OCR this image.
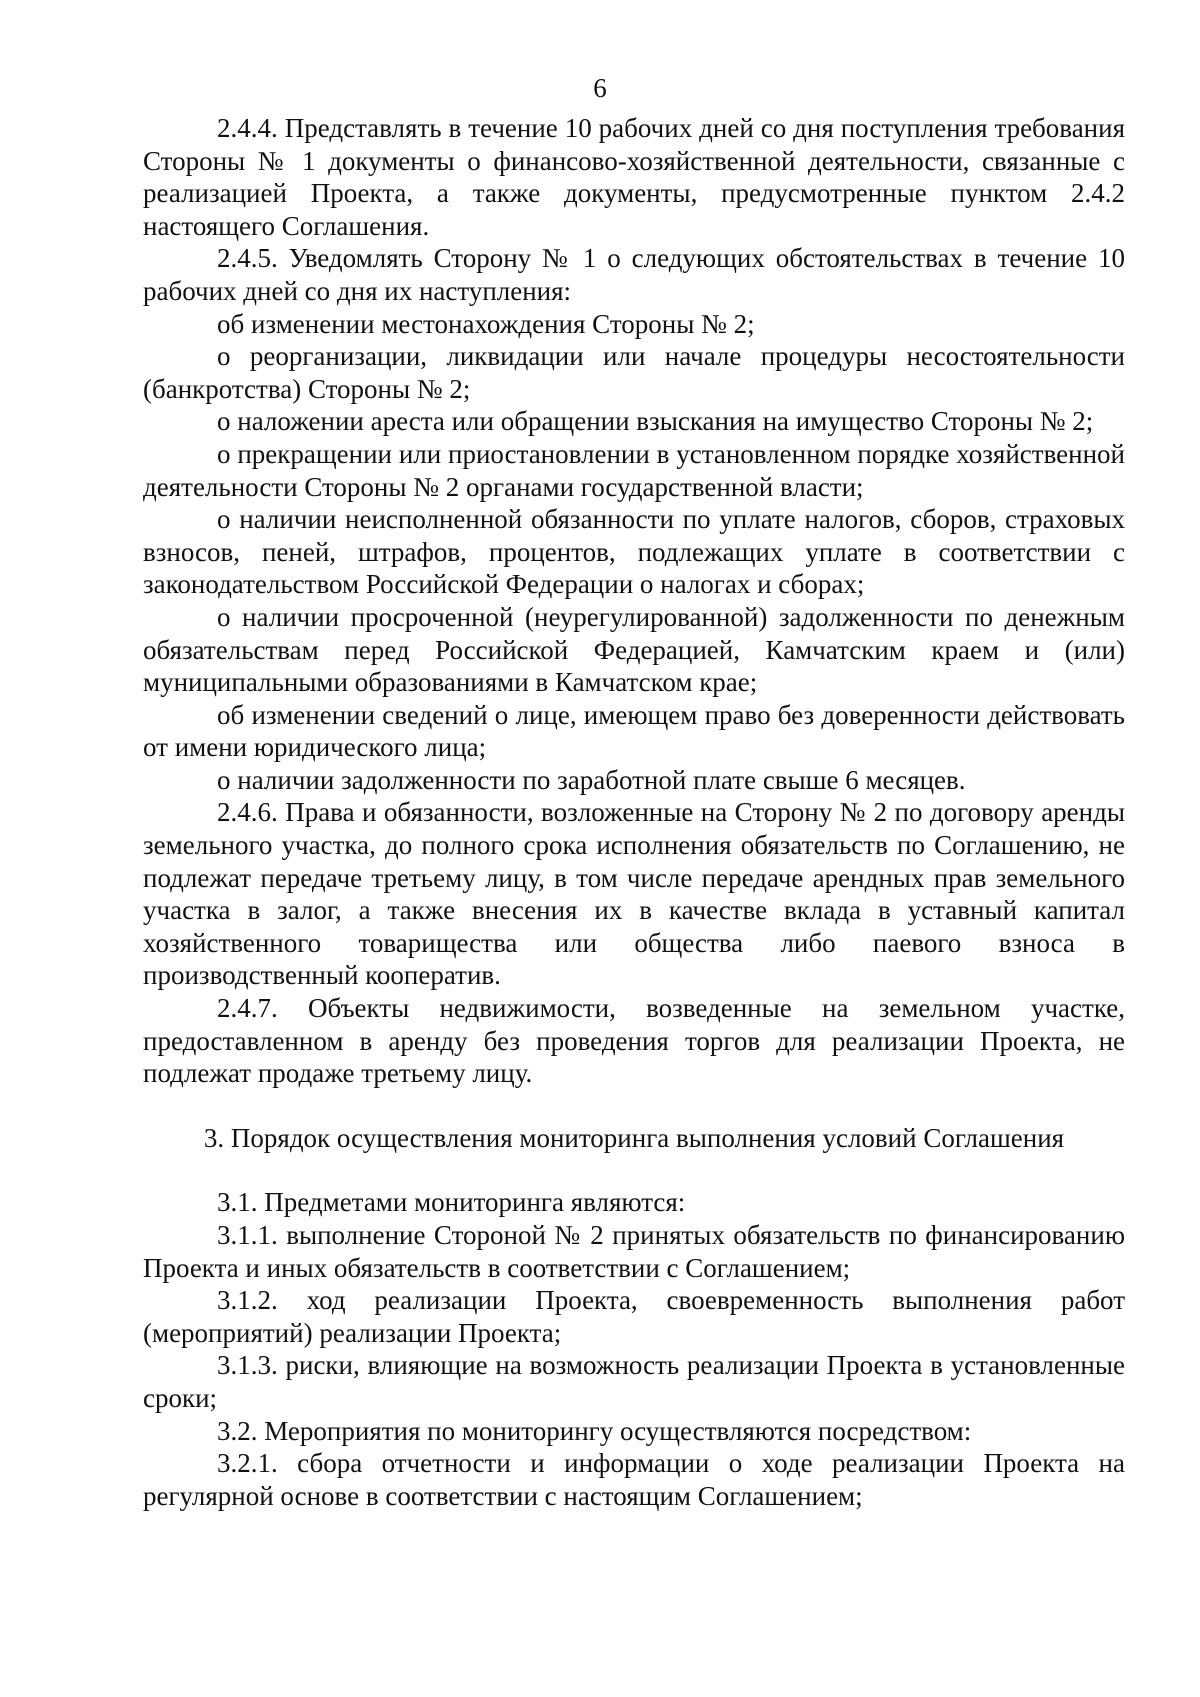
6

2.4.4. Представлять в течение 10 рабочих дней со дня поступления требования Стороны № 1 документы о финансово-хозяйственной деятельности, связанные с реализацией Проекта, а также документы, предусмотренные пунктом 2.4.2 настоящего Соглашения.

2.4.5. Уведомлять Сторону № 1 о следующих обстоятельствах в течение 10 рабочих дней со дня их наступления:

об изменении местонахождения Стороны № 2;

о реорганизации, ликвидации или начале процедуры несостоятельности (банкротства) Стороны № 2;

о наложении ареста или обращении взыскания на имущество Стороны № 2;

о прекращении или приостановлении в установленном порядке хозяйственной деятельности Стороны № 2 органами государственной власти;

о наличии неисполненной обязанности по уплате налогов, сборов, страховых взносов, пеней, штрафов, процентов, подлежащих уплате в соответствии с законодательством Российской Федерации о налогах и сборах;

о наличии просроченной (неурегулированной) задолженности по денежным обязательствам перед Российской Федерацией, Камчатским краем и (или) муниципальными образованиями в Камчатском крае;

об изменении сведений о лице, имеющем право без доверенности действовать от имени юридического лица;

о наличии задолженности по заработной плате свыше 6 месяцев.

2.4.6. Права и обязанности, возложенные на Сторону № 2 по договору аренды земельного участка, до полного срока исполнения обязательств по Соглашению, не подлежат передаче третьему лицу, в том числе передаче арендных прав земельного участка в залог, а также внесения их в качестве вклада в уставный капитал хозяйственного товарищества или общества либо паевого взноса в производственный кооператив.

2.4.7. Объекты недвижимости, возведенные на земельном участке, предоставленном в аренду без проведения торгов для реализации Проекта, не подлежат продаже третьему лицу.

3. Порядок осуществления мониторинга выполнения условий Соглашения

3.1. Предметами мониторинга являются:

3.1.1. выполнение Стороной № 2 принятых обязательств по финансированию Проекта и иных обязательств в соответствии с Соглашением;

3.1.2. ход реализации Проекта, своевременность выполнения работ (мероприятий) реализации Проекта;

3.1.3. риски, влияющие на возможность реализации Проекта в установленные сроки;

3.2. Мероприятия по мониторингу осуществляются посредством:

3.2.1. сбора отчетности и информации о ходе реализации Проекта на регулярной основе в соответствии с настоящим Соглашением;
